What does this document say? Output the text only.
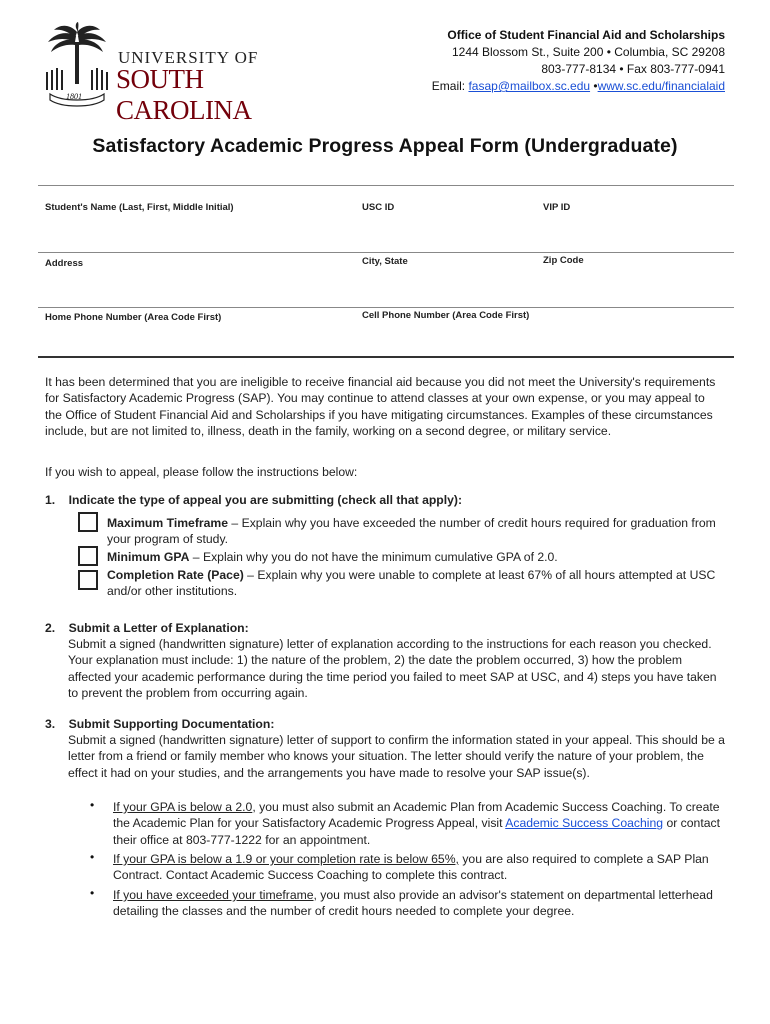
1801
UNIVERSITY OF
SOUTH CAROLINA
Office of Student Financial Aid and Scholarships
1244 Blossom St., Suite 200 • Columbia, SC 29208
803-777-8134 • Fax 803-777-0941
Email: fasap@mailbox.sc.edu •www.sc.edu/financialaid
Satisfactory Academic Progress Appeal Form (Undergraduate)
Student's Name (Last, First, Middle Initial)	USC ID	VIP ID
Address	City, State	Zip Code
Home Phone Number (Area Code First)	Cell Phone Number (Area Code First)
It has been determined that you are ineligible to receive financial aid because you did not meet the University's requirements for Satisfactory Academic Progress (SAP). You may continue to attend classes at your own expense, or you may appeal to the Office of Student Financial Aid and Scholarships if you have mitigating circumstances. Examples of these circumstances include, but are not limited to, illness, death in the family, working on a second degree, or military service.
If you wish to appeal, please follow the instructions below:
1. Indicate the type of appeal you are submitting (check all that apply):
Maximum Timeframe – Explain why you have exceeded the number of credit hours required for graduation from your program of study.
Minimum GPA – Explain why you do not have the minimum cumulative GPA of 2.0.
Completion Rate (Pace) – Explain why you were unable to complete at least 67% of all hours attempted at USC and/or other institutions.
2. Submit a Letter of Explanation:
Submit a signed (handwritten signature) letter of explanation according to the instructions for each reason you checked. Your explanation must include: 1) the nature of the problem, 2) the date the problem occurred, 3) how the problem affected your academic performance during the time period you failed to meet SAP at USC, and 4) steps you have taken to prevent the problem from occurring again.
3. Submit Supporting Documentation:
Submit a signed (handwritten signature) letter of support to confirm the information stated in your appeal. This should be a letter from a friend or family member who knows your situation. The letter should verify the nature of your problem, the effect it had on your studies, and the arrangements you have made to resolve your SAP issue(s).
• If your GPA is below a 2.0, you must also submit an Academic Plan from Academic Success Coaching. To create the Academic Plan for your Satisfactory Academic Progress Appeal, visit Academic Success Coaching or contact their office at 803-777-1222 for an appointment.
• If your GPA is below a 1.9 or your completion rate is below 65%, you are also required to complete a SAP Plan Contract. Contact Academic Success Coaching to complete this contract.
• If you have exceeded your timeframe, you must also provide an advisor's statement on departmental letterhead detailing the classes and the number of credit hours needed to complete your degree.
